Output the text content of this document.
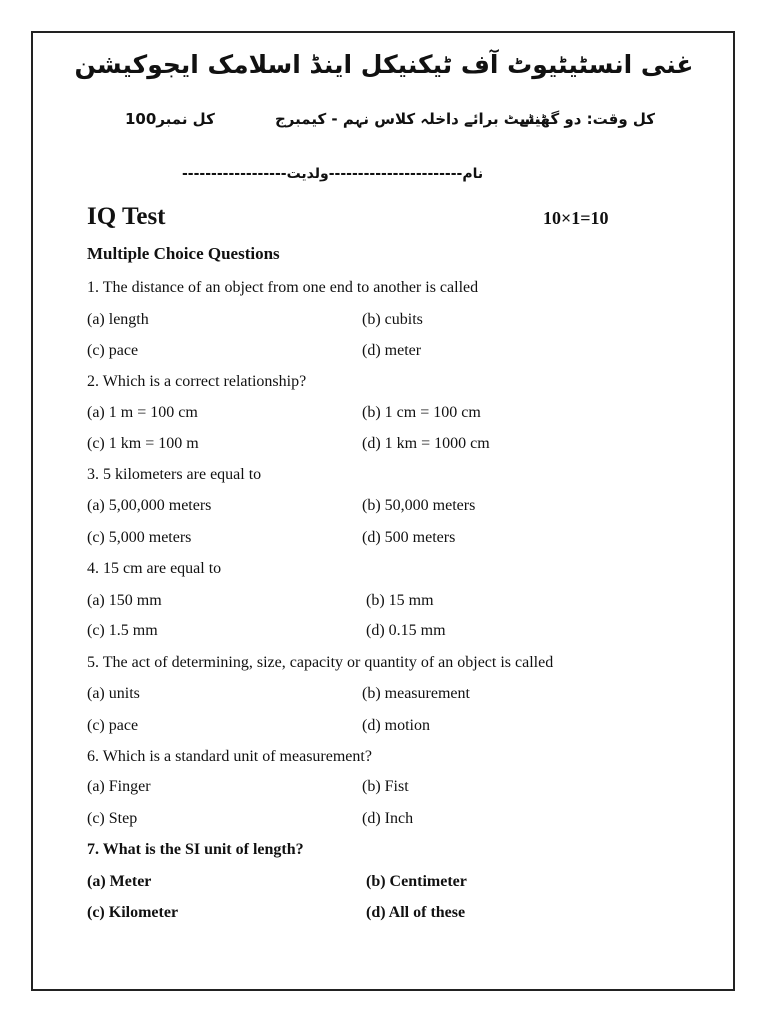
غنی انسٹیٹیوٹ آف ٹیکنیکل اینڈ اسلامک ایجوکیشن
کل وقت: دو گھنٹے
ٹیسٹ برائے داخلہ کلاس نہم - کیمبرج
کل نمبر100
نام-----------------------ولدیت------------------
IQ Test	10×1=10
Multiple Choice Questions
1. The distance of an object from one end to another is called
(a) length	(b) cubits
(c) pace	(d) meter
2. Which is a correct relationship?
(a) 1 m = 100 cm	(b) 1 cm = 100 cm
(c) 1 km = 100 m	(d) 1 km = 1000 cm
3. 5 kilometers are equal to
(a) 5,00,000 meters	(b) 50,000 meters
(c) 5,000 meters	(d) 500 meters
4. 15 cm are equal to
(a) 150 mm	(b) 15 mm
(c) 1.5 mm	(d) 0.15 mm
5. The act of determining, size, capacity or quantity of an object is called
(a) units	(b) measurement
(c) pace	(d) motion
6. Which is a standard unit of measurement?
(a) Finger	(b) Fist
(c) Step	(d) Inch
7. What is the SI unit of length?
(a) Meter	(b) Centimeter
(c) Kilometer	(d) All of these
